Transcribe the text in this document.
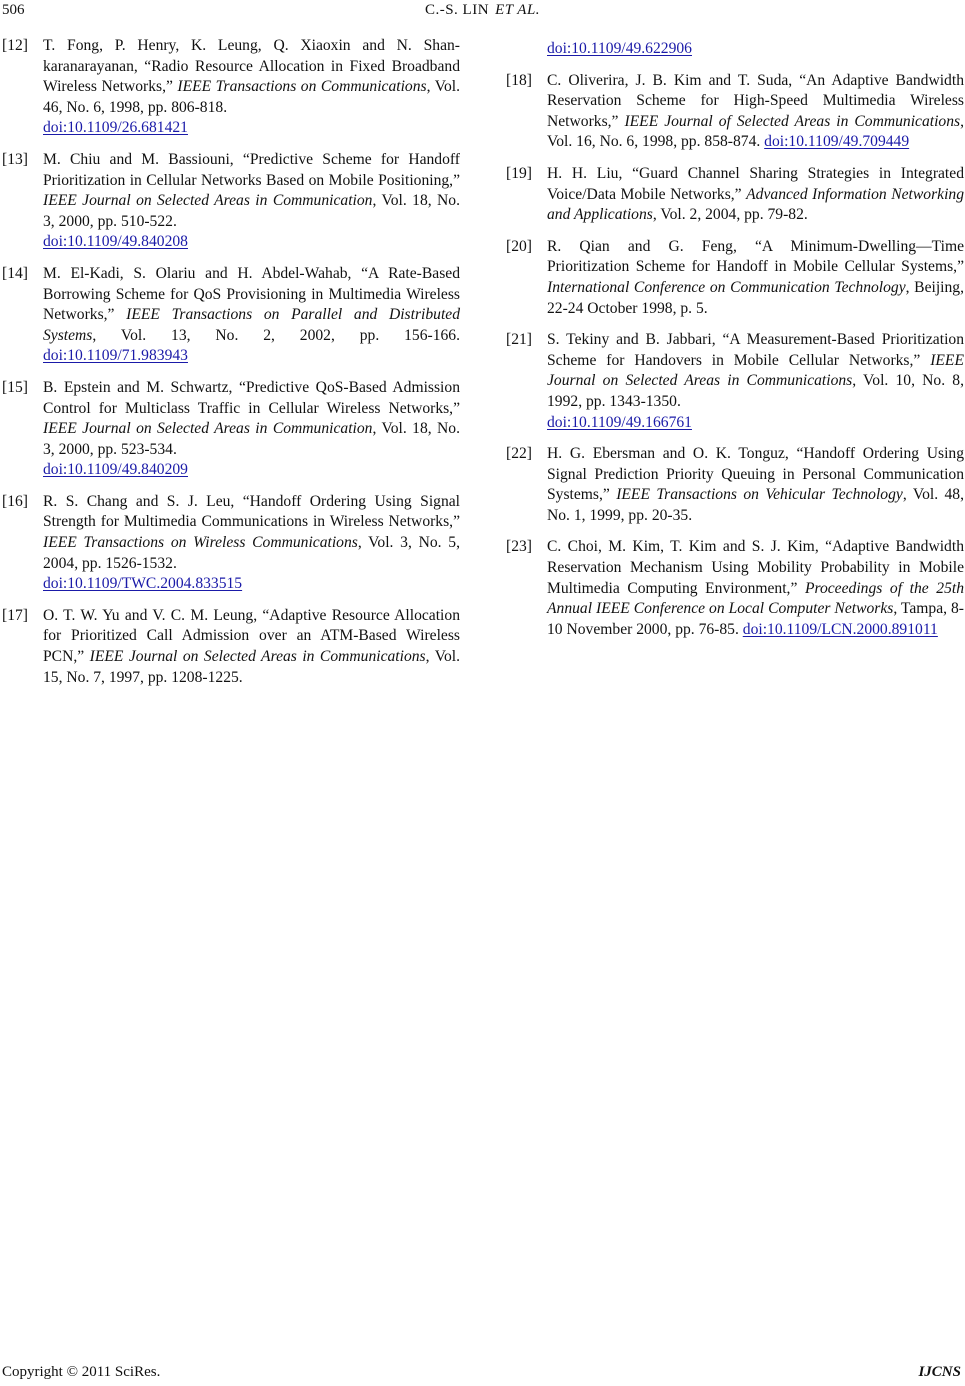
506	C.-S. LIN ET AL.
[12] T. Fong, P. Henry, K. Leung, Q. Xiaoxin and N. Shankaranarayanan, “Radio Resource Allocation in Fixed Broadband Wireless Networks,” IEEE Transactions on Communications, Vol. 46, No. 6, 1998, pp. 806-818.
doi:10.1109/26.681421
[13] M. Chiu and M. Bassiouni, “Predictive Scheme for Handoff Prioritization in Cellular Networks Based on Mobile Positioning,” IEEE Journal on Selected Areas in Communication, Vol. 18, No. 3, 2000, pp. 510-522.
doi:10.1109/49.840208
[14] M. El-Kadi, S. Olariu and H. Abdel-Wahab, “A Rate-Based Borrowing Scheme for QoS Provisioning in Multimedia Wireless Networks,” IEEE Transactions on Parallel and Distributed Systems, Vol. 13, No. 2, 2002, pp. 156-166. doi:10.1109/71.983943
[15] B. Epstein and M. Schwartz, “Predictive QoS-Based Admission Control for Multiclass Traffic in Cellular Wireless Networks,” IEEE Journal on Selected Areas in Communication, Vol. 18, No. 3, 2000, pp. 523-534.
doi:10.1109/49.840209
[16] R. S. Chang and S. J. Leu, “Handoff Ordering Using Signal Strength for Multimedia Communications in Wireless Networks,” IEEE Transactions on Wireless Communications, Vol. 3, No. 5, 2004, pp. 1526-1532.
doi:10.1109/TWC.2004.833515
[17] O. T. W. Yu and V. C. M. Leung, “Adaptive Resource Allocation for Prioritized Call Admission over an ATM-Based Wireless PCN,” IEEE Journal on Selected Areas in Communications, Vol. 15, No. 7, 1997, pp. 1208-1225.
doi:10.1109/49.622906
[18] C. Oliverira, J. B. Kim and T. Suda, “An Adaptive Bandwidth Reservation Scheme for High-Speed Multimedia Wireless Networks,” IEEE Journal of Selected Areas in Communications, Vol. 16, No. 6, 1998, pp. 858-874. doi:10.1109/49.709449
[19] H. H. Liu, “Guard Channel Sharing Strategies in Integrated Voice/Data Mobile Networks,” Advanced Information Networking and Applications, Vol. 2, 2004, pp. 79-82.
[20] R. Qian and G. Feng, “A Minimum-Dwelling—Time Prioritization Scheme for Handoff in Mobile Cellular Systems,” International Conference on Communication Technology, Beijing, 22-24 October 1998, p. 5.
[21] S. Tekiny and B. Jabbari, “A Measurement-Based Prioritization Scheme for Handovers in Mobile Cellular Networks,” IEEE Journal on Selected Areas in Communications, Vol. 10, No. 8, 1992, pp. 1343-1350.
doi:10.1109/49.166761
[22] H. G. Ebersman and O. K. Tonguz, “Handoff Ordering Using Signal Prediction Priority Queuing in Personal Communication Systems,” IEEE Transactions on Vehicular Technology, Vol. 48, No. 1, 1999, pp. 20-35.
[23] C. Choi, M. Kim, T. Kim and S. J. Kim, “Adaptive Bandwidth Reservation Mechanism Using Mobility Probability in Mobile Multimedia Computing Environment,” Proceedings of the 25th Annual IEEE Conference on Local Computer Networks, Tampa, 8-10 November 2000, pp. 76-85. doi:10.1109/LCN.2000.891011
Copyright © 2011 SciRes.	IJCNS
